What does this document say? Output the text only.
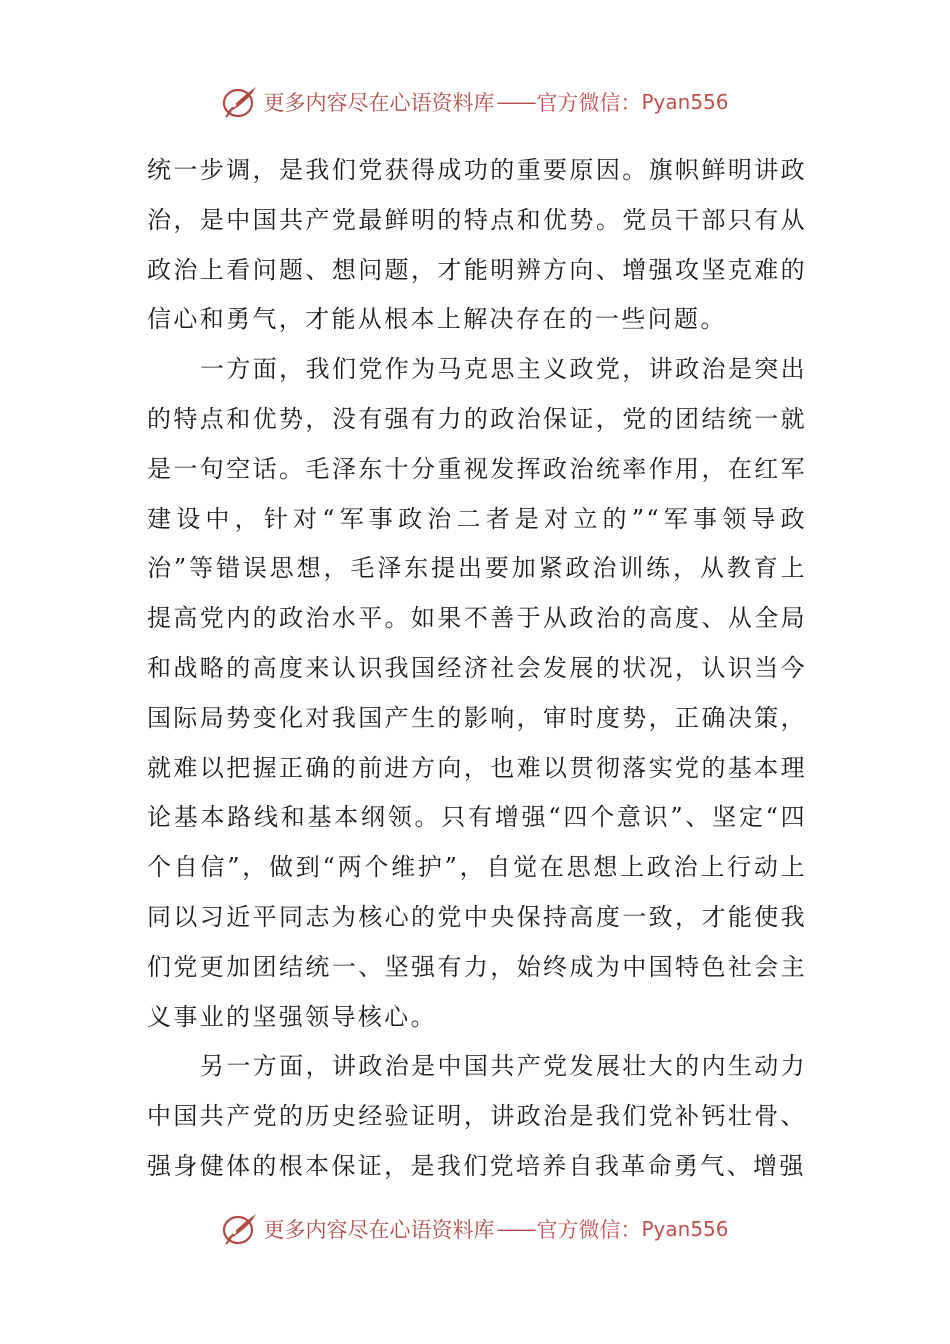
更多内容尽在心语资料库 —— 官方微信： Pyan556

统一步调，是我们党获得成功的重要原因。旗帜鲜明讲政治，是中国共产党最鲜明的特点和优势。党员干部只有从政治上看问题、想问题，才能明辨方向、增强攻坚克难的信心和勇气，才能从根本上解决存在的一些问题。

一方面，我们党作为马克思主义政党，讲政治是突出的特点和优势，没有强有力的政治保证，党的团结统一就是一句空话。毛泽东十分重视发挥政治统率作用，在红军建设中，针对“军事政治二者是对立的”“军事领导政治”等错误思想，毛泽东提出要加紧政治训练，从教育上提高党内的政治水平。如果不善于从政治的高度、从全局和战略的高度来认识我国经济社会发展的状况，认识当今国际局势变化对我国产生的影响，审时度势，正确决策，就难以把握正确的前进方向，也难以贯彻落实党的基本理论基本路线和基本纲领。只有增强“四个意识”、坚定“四个自信”，做到“两个维护”，自觉在思想上政治上行动上同以习近平同志为核心的党中央保持高度一致，才能使我们党更加团结统一、坚强有力，始终成为中国特色社会主义事业的坚强领导核心。

另一方面，讲政治是中国共产党发展壮大的内生动力中国共产党的历史经验证明，讲政治是我们党补钙壮骨、强身健体的根本保证，是我们党培养自我革命勇气、增强

更多内容尽在心语资料库 —— 官方微信： Pyan556
